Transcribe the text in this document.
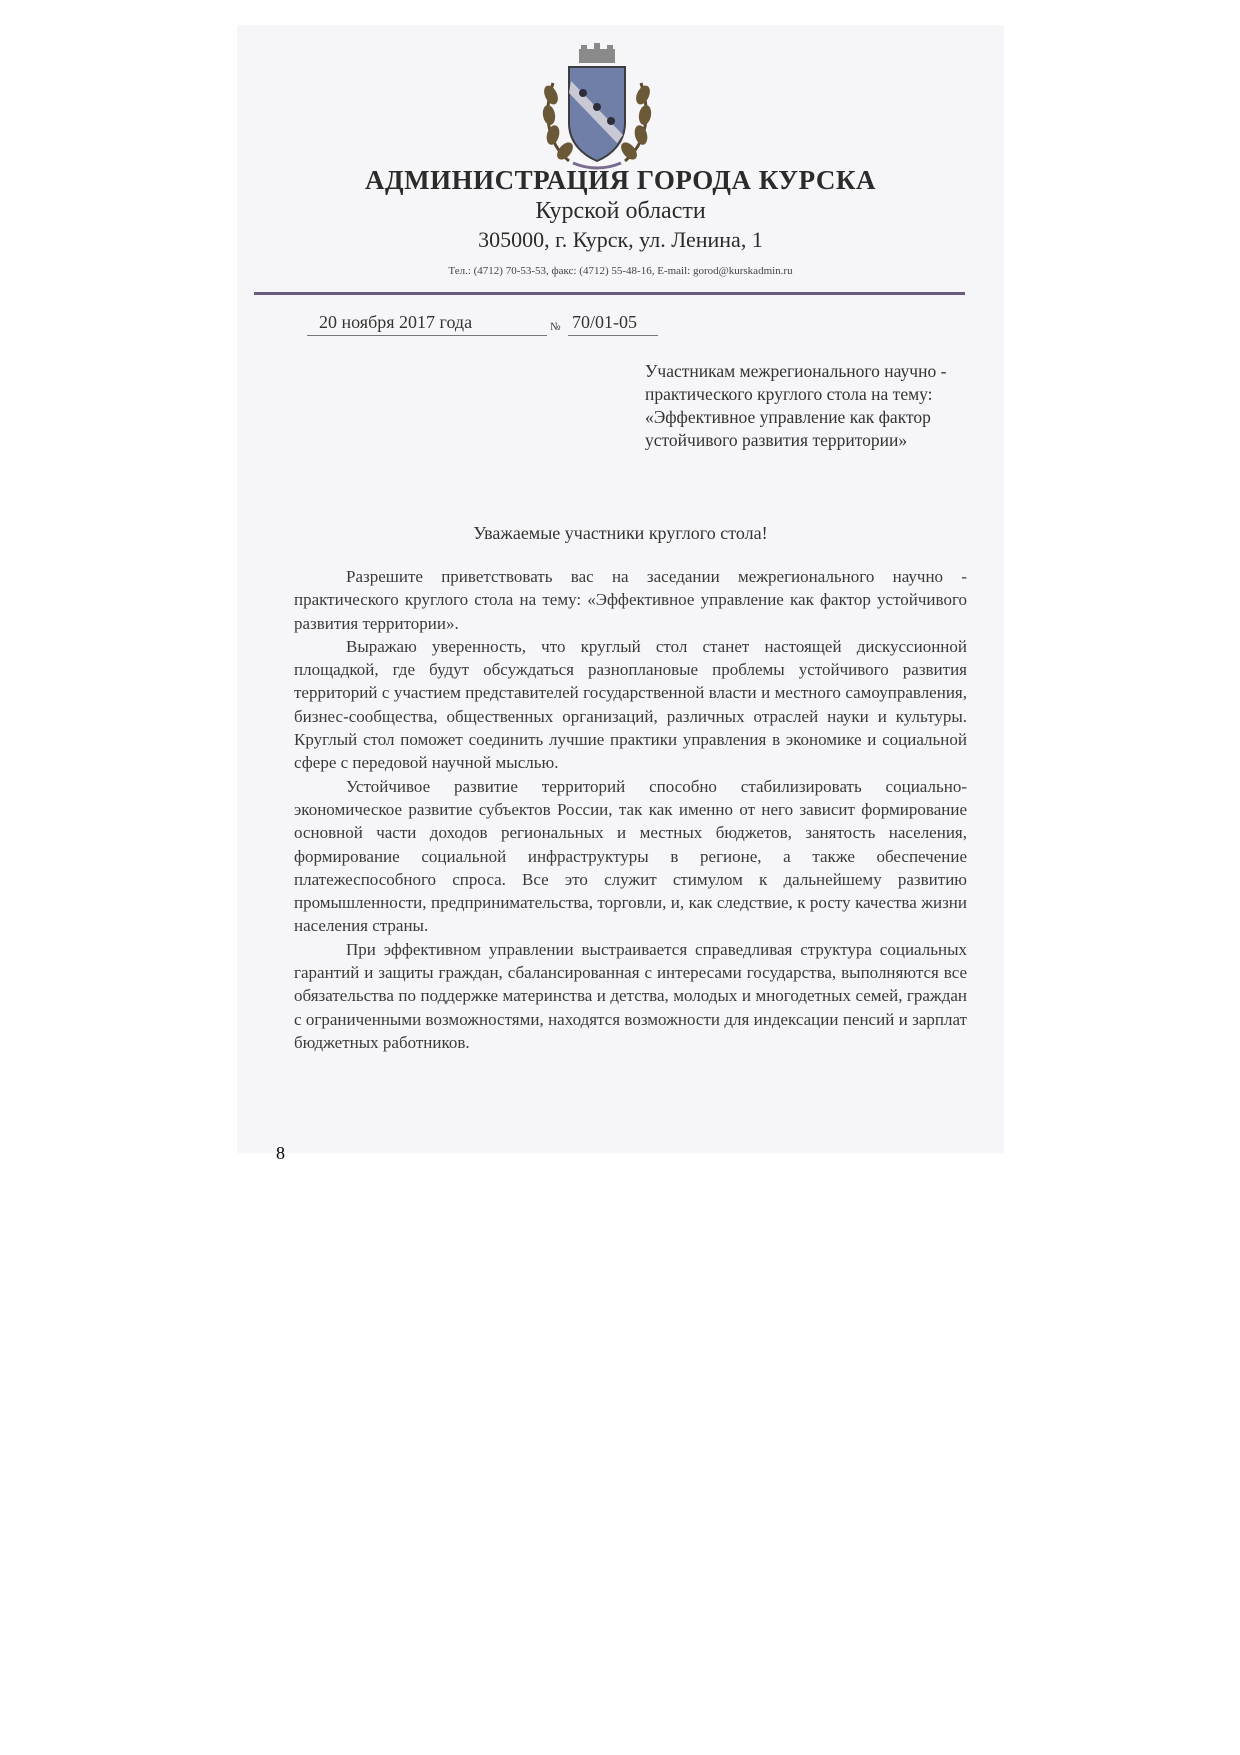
АДМИНИСТРАЦИЯ ГОРОДА КУРСКА
Курской области
305000, г. Курск, ул. Ленина, 1
Тел.: (4712) 70-53-53, факс: (4712) 55-48-16, E-mail: gorod@kurskadmin.ru
20 ноября 2017 года	№ 70/01-05
Участникам межрегионального научно - практического круглого стола на тему: «Эффективное управление как фактор устойчивого развития территории»
Уважаемые участники круглого стола!

Разрешите приветствовать вас на заседании межрегионального научно - практического круглого стола на тему: «Эффективное управление как фактор устойчивого развития территории».

Выражаю уверенность, что круглый стол станет настоящей дискуссионной площадкой, где будут обсуждаться разноплановые проблемы устойчивого развития территорий с участием представителей государственной власти и местного самоуправления, бизнес-сообщества, общественных организаций, различных отраслей науки и культуры. Круглый стол поможет соединить лучшие практики управления в экономике и социальной сфере с передовой научной мыслью.

Устойчивое развитие территорий способно стабилизировать социально-экономическое развитие субъектов России, так как именно от него зависит формирование основной части доходов региональных и местных бюджетов, занятость населения, формирование социальной инфраструктуры в регионе, а также обеспечение платежеспособного спроса. Все это служит стимулом к дальнейшему развитию промышленности, предпринимательства, торговли, и, как следствие, к росту качества жизни населения страны.

При эффективном управлении выстраивается справедливая структура социальных гарантий и защиты граждан, сбалансированная с интересами государства, выполняются все обязательства по поддержке материнства и детства, молодых и многодетных семей, граждан с ограниченными возможностями, находятся возможности для индексации пенсий и зарплат бюджетных работников.

8
